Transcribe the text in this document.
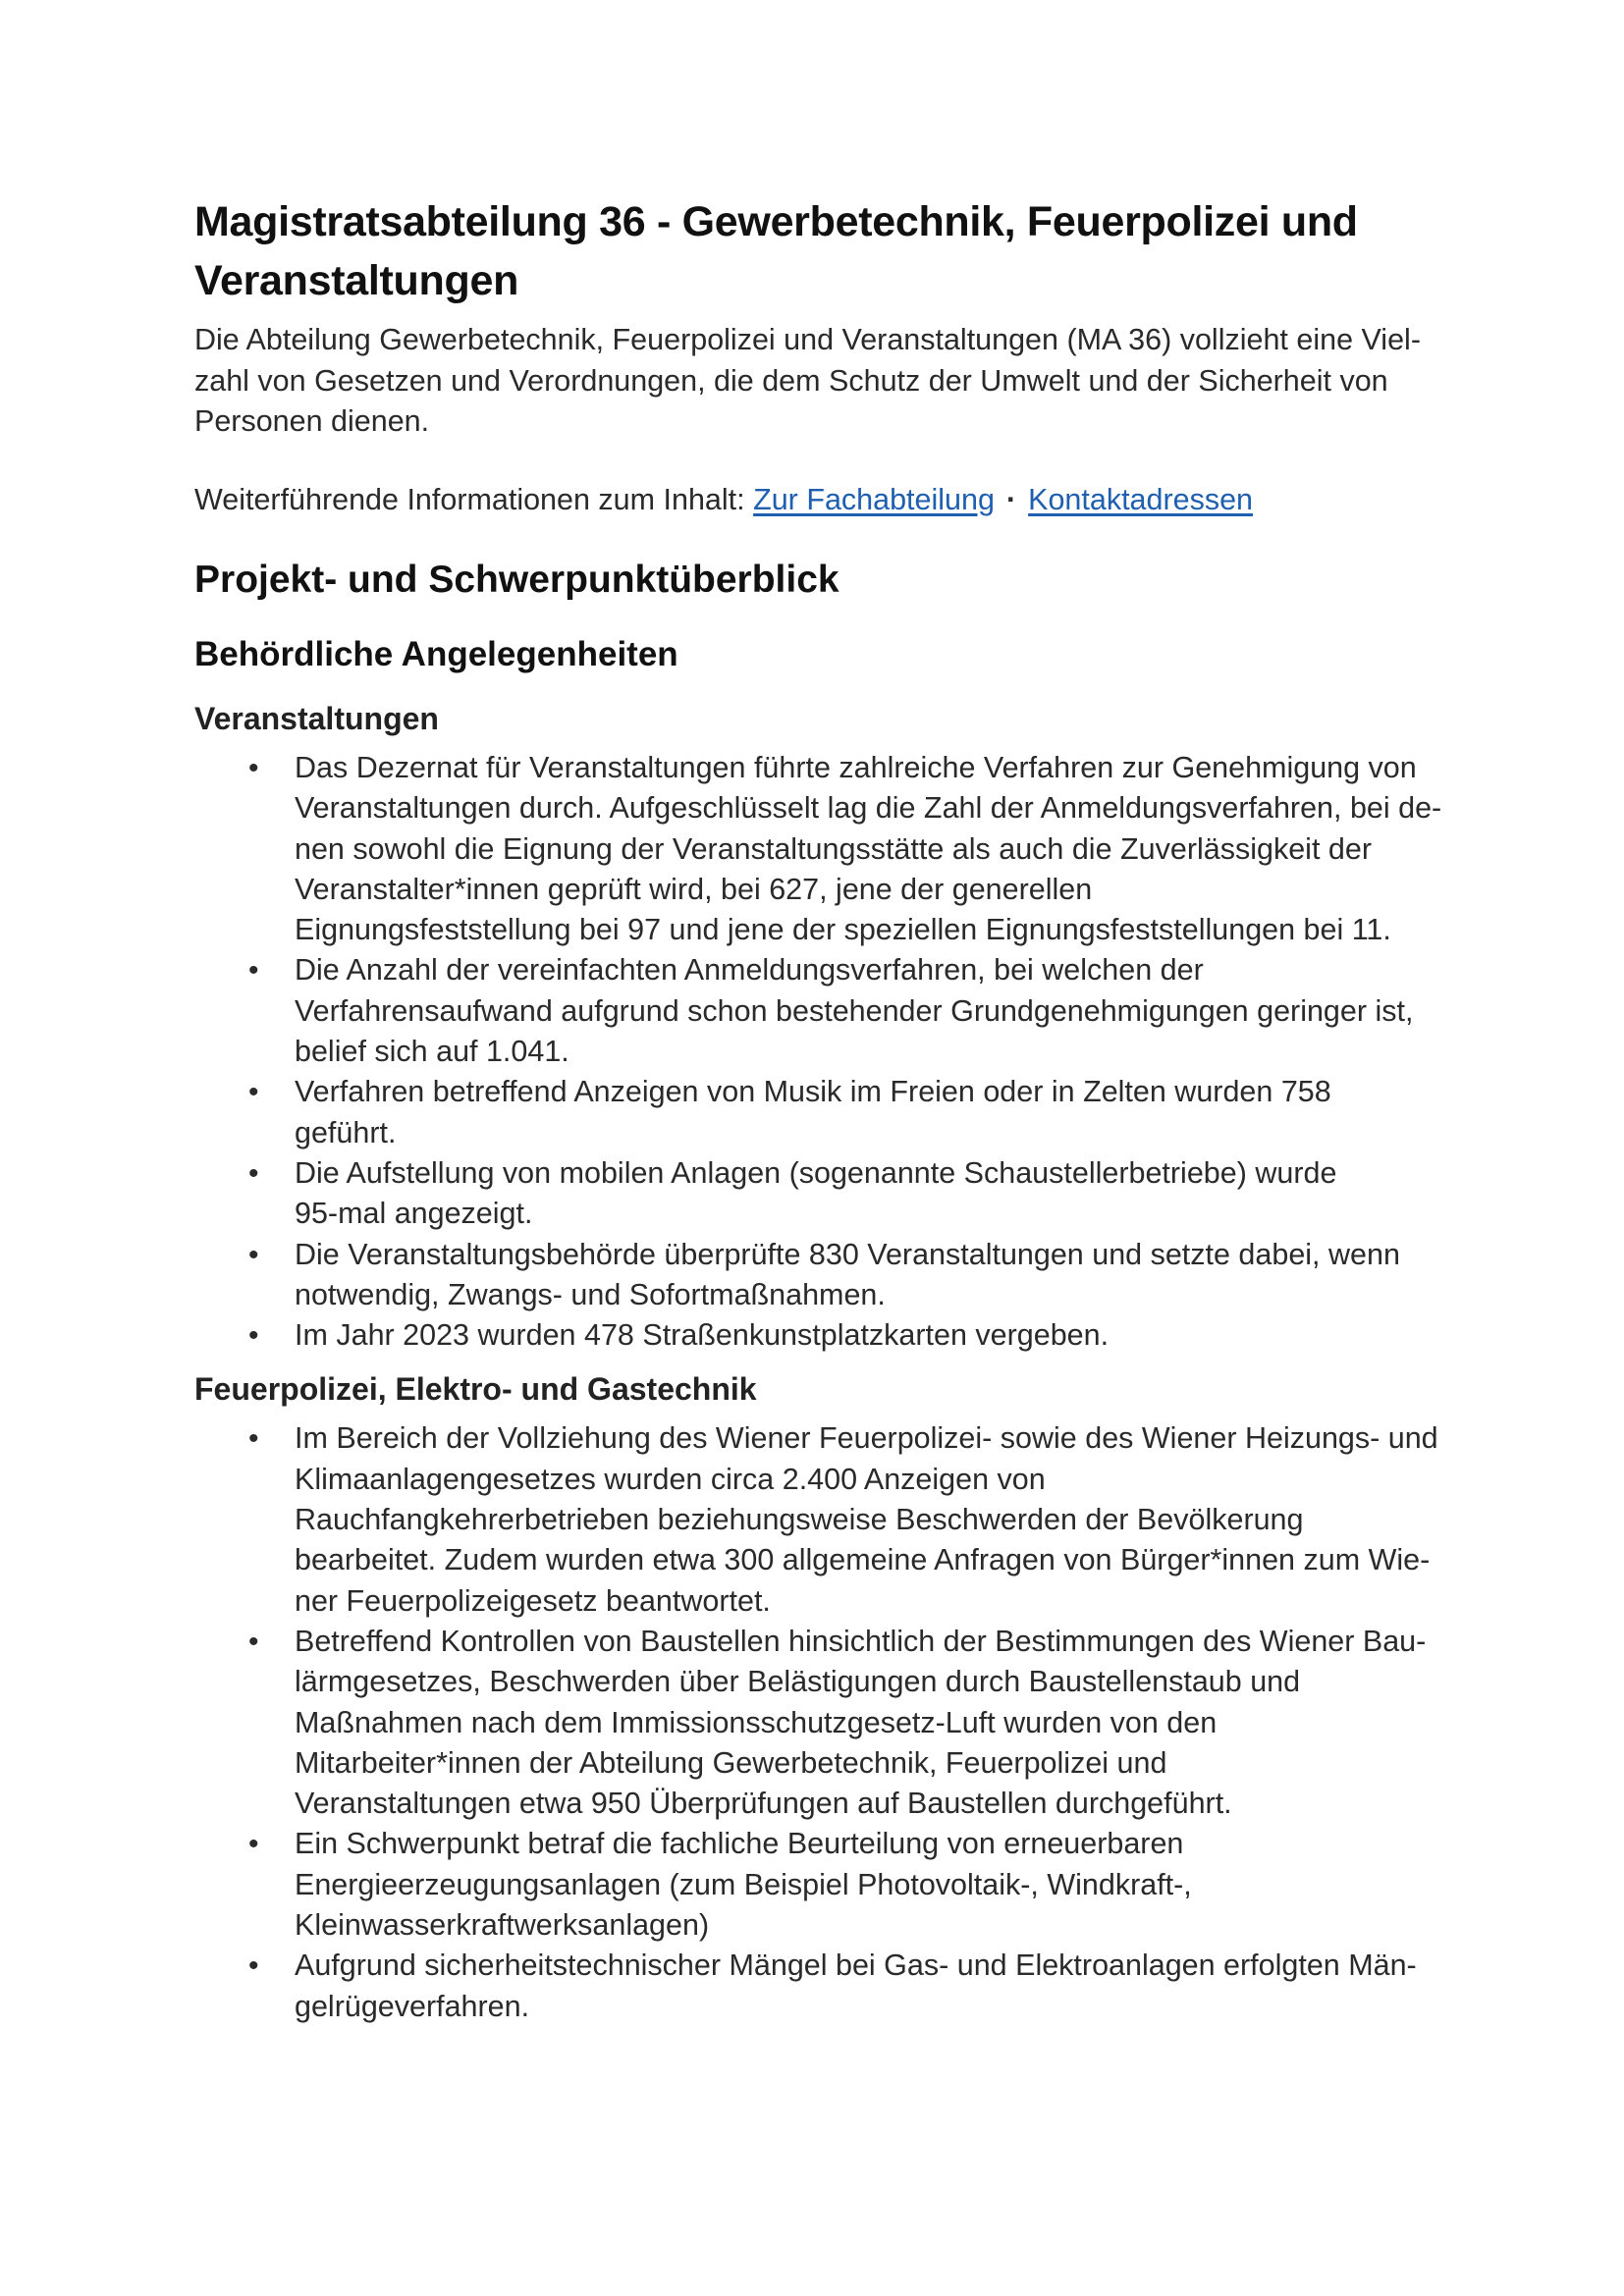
Magistratsabteilung 36 - Gewerbetechnik, Feuerpolizei und
Veranstaltungen

Die Abteilung Gewerbetechnik, Feuerpolizei und Veranstaltungen (MA 36) vollzieht eine Viel-
zahl von Gesetzen und Verordnungen, die dem Schutz der Umwelt und der Sicherheit von
Personen dienen.

Weiterführende Informationen zum Inhalt: Zur Fachabteilung · Kontaktadressen

Projekt- und Schwerpunktüberblick
Behördliche Angelegenheiten
Veranstaltungen
• Das Dezernat für Veranstaltungen führte zahlreiche Verfahren zur Genehmigung von
Veranstaltungen durch. Aufgeschlüsselt lag die Zahl der Anmeldungsverfahren, bei de-
nen sowohl die Eignung der Veranstaltungsstätte als auch die Zuverlässigkeit der
Veranstalter*innen geprüft wird, bei 627, jene der generellen
Eignungsfeststellung bei 97 und jene der speziellen Eignungsfeststellungen bei 11.
• Die Anzahl der vereinfachten Anmeldungsverfahren, bei welchen der
Verfahrensaufwand aufgrund schon bestehender Grundgenehmigungen geringer ist,
belief sich auf 1.041.
• Verfahren betreffend Anzeigen von Musik im Freien oder in Zelten wurden 758
geführt.
• Die Aufstellung von mobilen Anlagen (sogenannte Schaustellerbetriebe) wurde
95-mal angezeigt.
• Die Veranstaltungsbehörde überprüfte 830 Veranstaltungen und setzte dabei, wenn
notwendig, Zwangs- und Sofortmaßnahmen.
• Im Jahr 2023 wurden 478 Straßenkunstplatzkarten vergeben.
Feuerpolizei, Elektro- und Gastechnik
• Im Bereich der Vollziehung des Wiener Feuerpolizei- sowie des Wiener Heizungs- und
Klimaanlagengesetzes wurden circa 2.400 Anzeigen von
Rauchfangkehrerbetrieben beziehungsweise Beschwerden der Bevölkerung
bearbeitet. Zudem wurden etwa 300 allgemeine Anfragen von Bürger*innen zum Wie-
ner Feuerpolizeigesetz beantwortet.
• Betreffend Kontrollen von Baustellen hinsichtlich der Bestimmungen des Wiener Bau-
lärmgesetzes, Beschwerden über Belästigungen durch Baustellenstaub und
Maßnahmen nach dem Immissionsschutzgesetz-Luft wurden von den
Mitarbeiter*innen der Abteilung Gewerbetechnik, Feuerpolizei und
Veranstaltungen etwa 950 Überprüfungen auf Baustellen durchgeführt.
• Ein Schwerpunkt betraf die fachliche Beurteilung von erneuerbaren
Energieerzeugungsanlagen (zum Beispiel Photovoltaik-, Windkraft-,
Kleinwasserkraftwerksanlagen)
• Aufgrund sicherheitstechnischer Mängel bei Gas- und Elektroanlagen erfolgten Män-
gelrügeverfahren.
